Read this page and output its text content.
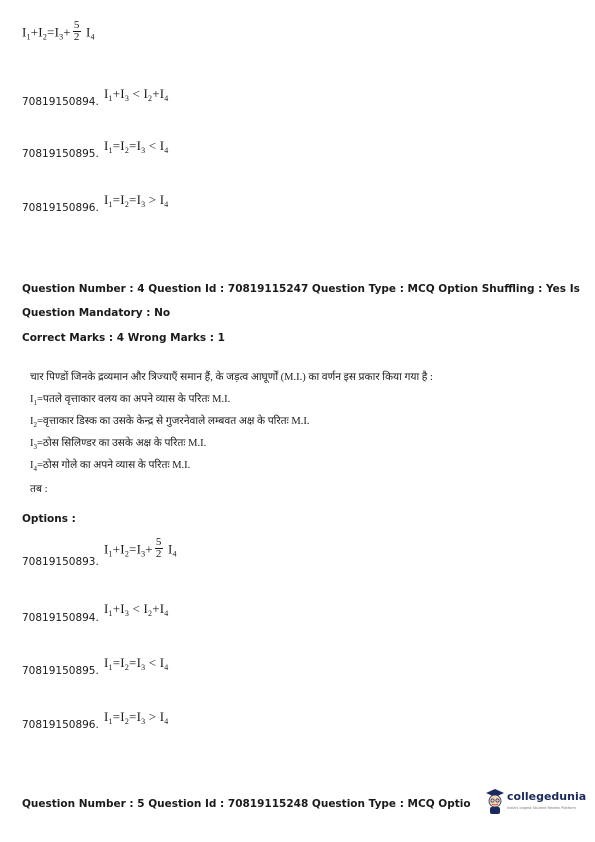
$I_1+I_2=I_3+ \frac{5}{2} I_4$
70819150894.
$I_1+I_3 < I_2+I_4$
70819150895.
$I_1=I_2=I_3 < I_4$
70819150896.
$I_1=I_2=I_3 > I_4$
Question Number : 4 Question Id : 70819115247 Question Type : MCQ Option Shuffling : Yes Is
Question Mandatory : No
Correct Marks : 4 Wrong Marks : 1
चार पिण्डों जिनके द्रव्यमान और त्रिज्याएँ समान हैं, के जड़त्व आघूर्णों (M.I.) का वर्णन इस प्रकार किया गया है :
$I_1=पतले$ वृत्ताकार वलय का अपने व्यास के परितः M.I.
$I_2=वृत्ताकार$ डिस्क का उसके केन्द्र से गुजरनेवाले लम्बवत अक्ष के परितः M.I.
$I_3=ठोस$ सिलिण्डर का उसके अक्ष के परितः M.I.
$I_4=ठोस$ गोले का अपने व्यास के परितः M.I.
तब :
Options :
70819150893.
$I_1+I_2=I_3+ \frac{5}{2} I_4$
70819150894.
$I_1+I_3 < I_2+I_4$
70819150895.
$I_1=I_2=I_3 < I_4$
70819150896.
$I_1=I_2=I_3 > I_4$
Question Number : 5 Question Id : 70819115248 Question Type : MCQ Optio
collegedunia
India's largest Student Review Platform
